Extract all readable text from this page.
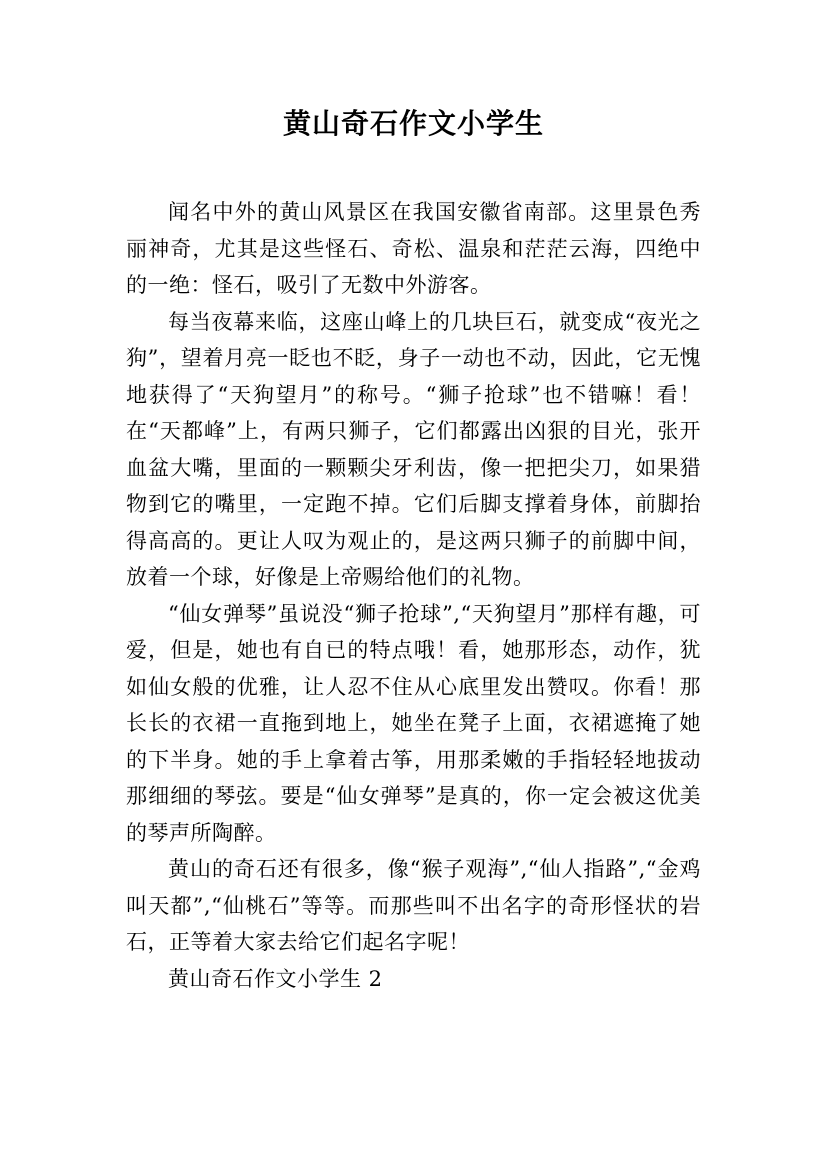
黄山奇石作文小学生

闻名中外的黄山风景区在我国安徽省南部。这里景色秀丽神奇，尤其是这些怪石、奇松、温泉和茫茫云海，四绝中的一绝：怪石，吸引了无数中外游客。

每当夜幕来临，这座山峰上的几块巨石，就变成“夜光之狗”，望着月亮一眨也不眨，身子一动也不动，因此，它无愧地获得了“天狗望月”的称号。“狮子抢球”也不错嘛！看！在“天都峰”上，有两只狮子，它们都露出凶狠的目光，张开血盆大嘴，里面的一颗颗尖牙利齿，像一把把尖刀，如果猎物到它的嘴里，一定跑不掉。它们后脚支撑着身体，前脚抬得高高的。更让人叹为观止的，是这两只狮子的前脚中间，放着一个球，好像是上帝赐给他们的礼物。

“仙女弹琴”虽说没“狮子抢球”,“天狗望月”那样有趣，可爱，但是，她也有自已的特点哦！看，她那形态，动作，犹如仙女般的优雅，让人忍不住从心底里发出赞叹。你看！那长长的衣裙一直拖到地上，她坐在凳子上面，衣裙遮掩了她的下半身。她的手上拿着古筝，用那柔嫩的手指轻轻地拔动那细细的琴弦。要是“仙女弹琴”是真的，你一定会被这优美的琴声所陶醉。

黄山的奇石还有很多，像“猴子观海”,“仙人指路”,“金鸡叫天都”,“仙桃石”等等。而那些叫不出名字的奇形怪状的岩石，正等着大家去给它们起名字呢！

黄山奇石作文小学生 2
